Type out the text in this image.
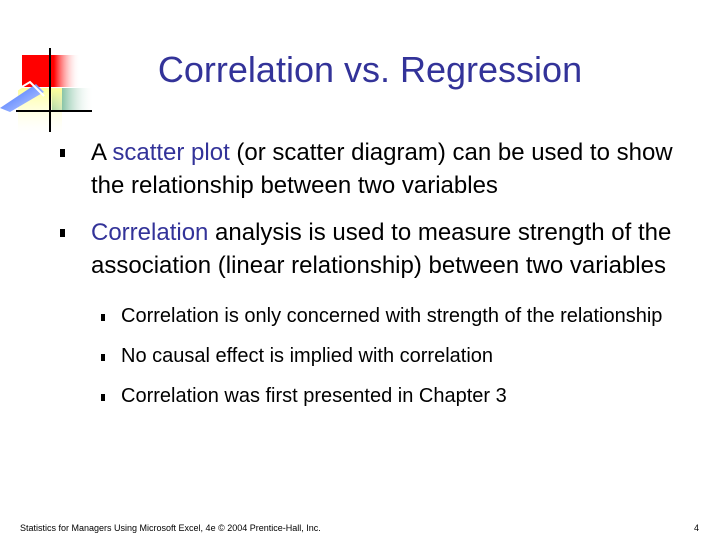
Correlation vs. Regression
A scatter plot (or scatter diagram) can be used to show the relationship between two variables
Correlation analysis is used to measure strength of the association (linear relationship) between two variables
Correlation is only concerned with strength of the relationship
No causal effect is implied with correlation
Correlation was first presented in Chapter 3
Statistics for Managers Using Microsoft Excel, 4e © 2004 Prentice-Hall, Inc.	4
